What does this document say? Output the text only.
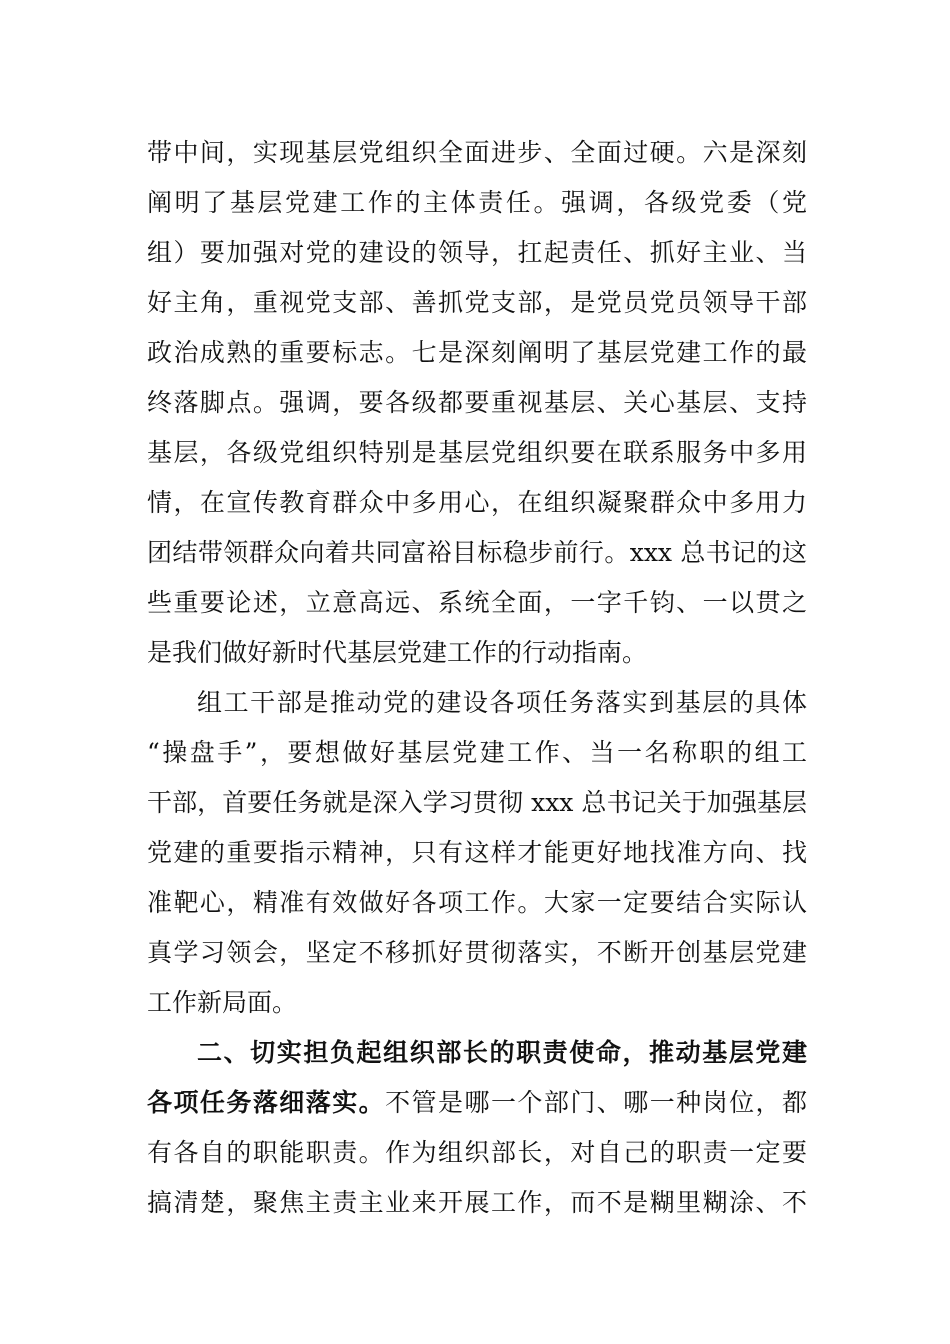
带中间，实现基层党组织全面进步、全面过硬。六是深刻
阐明了基层党建工作的主体责任。强调，各级党委（党
组）要加强对党的建设的领导，扛起责任、抓好主业、当
好主角，重视党支部、善抓党支部，是党员党员领导干部
政治成熟的重要标志。七是深刻阐明了基层党建工作的最
终落脚点。强调，要各级都要重视基层、关心基层、支持
基层，各级党组织特别是基层党组织要在联系服务中多用
情，在宣传教育群众中多用心，在组织凝聚群众中多用力
团结带领群众向着共同富裕目标稳步前行。xxx 总书记的这
些重要论述，立意高远、系统全面，一字千钧、一以贯之
是我们做好新时代基层党建工作的行动指南。
组工干部是推动党的建设各项任务落实到基层的具体
“操盘手”，要想做好基层党建工作、当一名称职的组工
干部，首要任务就是深入学习贯彻 xxx 总书记关于加强基层
党建的重要指示精神，只有这样才能更好地找准方向、找
准靶心，精准有效做好各项工作。大家一定要结合实际认
真学习领会，坚定不移抓好贯彻落实，不断开创基层党建
工作新局面。
二、切实担负起组织部长的职责使命，推动基层党建
各项任务落细落实。不管是哪一个部门、哪一种岗位，都
有各自的职能职责。作为组织部长，对自己的职责一定要
搞清楚，聚焦主责主业来开展工作，而不是糊里糊涂、不
